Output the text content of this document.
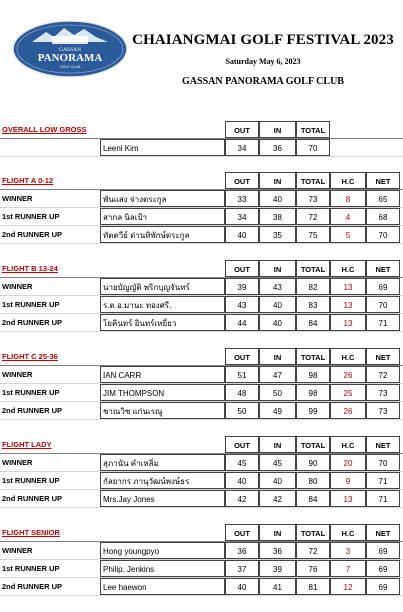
GASSAN
PANORAMA
GOLF CLUB
CHAIANGMAI GOLF FESTIVAL 2023
Saturday May 6, 2023
GASSAN PANORAMA GOLF CLUB
OVERALL LOW GROSS	OUT	IN	TOTAL
Leeni Kim	34	36	70
FLIGHT A 0-12	OUT	IN	TOTAL	H.C	NET
WINNER	พันแสง จ่างตระกูล	33	40	73	8	65
1st RUNNER UP	สากล นิลเป้า	34	38	72	4	68
2nd RUNNER UP	ทัตตวีย์ ด่านทิพักษ์ตระกูล	40	35	75	5	70
FLIGHT B 13-24	OUT	IN	TOTAL	H.C	NET
WINNER	นายบัญญัติ พริกบุญจันทร์	39	43	82	13	69
1st RUNNER UP	ร.ต.อ.มานะ ทองศรี.	43	40	83	13	70
2nd RUNNER UP	โยคินทร์ อินทร์เหยี่ยว	44	40	84	13	71
FLIGHT C 25-36	OUT	IN	TOTAL	H.C	NET
WINNER	IAN CARR	51	47	98	26	72
1st RUNNER UP	JIM THOMPSON	48	50	98	25	73
2nd RUNNER UP	ชาณวิช แก่นเรณู	50	49	99	26	73
FLIGHT LADY	OUT	IN	TOTAL	H.C	NET
WINNER	สุภานัน คำเหลิ่ม	45	45	90	20	70
1st RUNNER UP	กัลยากร ภานุวัฒน์พงษ์ธร	40	40	80	9	71
2nd RUNNER UP	Mrs.Jay Jones	42	42	84	13	71
FLIGHT SENIOR	OUT	IN	TOTAL	H.C	NET
WINNER	Hong youngpyo	36	36	72	3	69
1st RUNNER UP	Philip. Jenkins	37	39	76	7	69
2nd RUNNER UP	Lee haewon	40	41	81	12	69
